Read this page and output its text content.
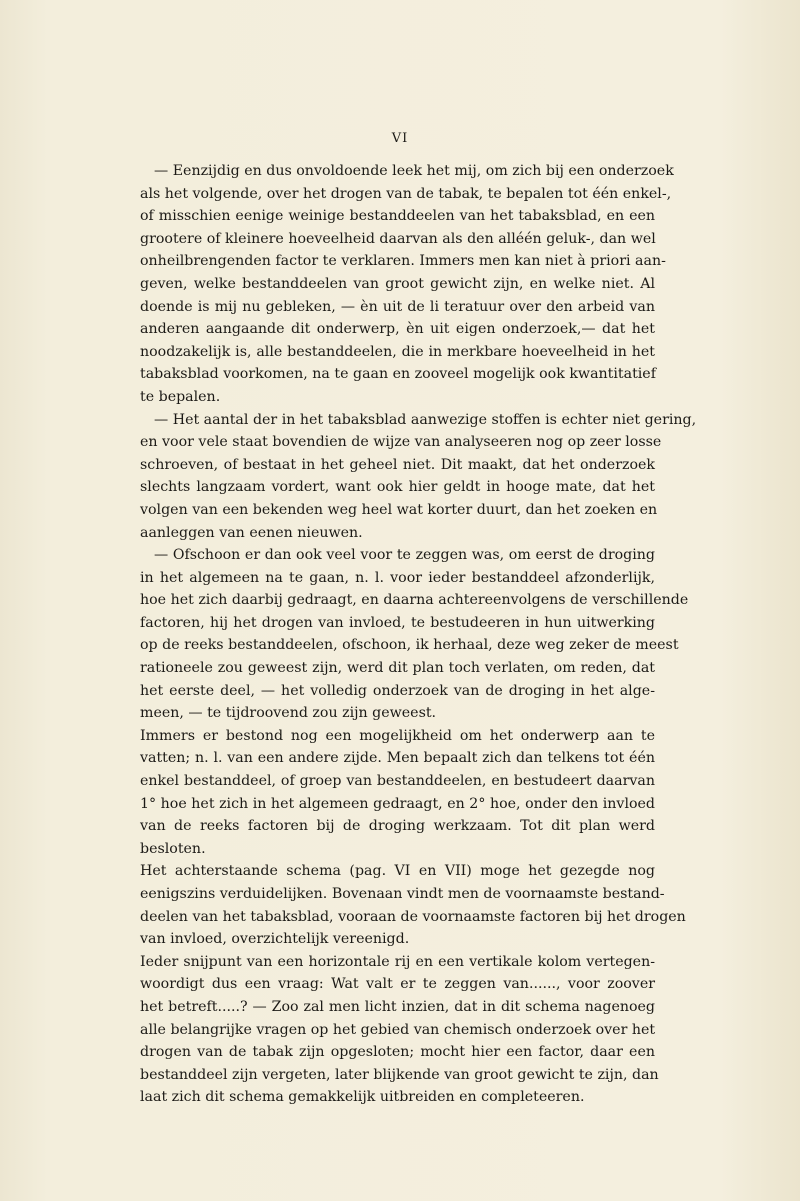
VI
— Eenzijdig en dus onvoldoende leek het mij, om zich bij een onderzoek
als het volgende, over het drogen van de tabak, te bepalen tot één enkel-,
of misschien eenige weinige bestanddeelen van het tabaksblad, en een
grootere of kleinere hoeveelheid daarvan als den alléén geluk-, dan wel
onheilbrengenden factor te verklaren. Immers men kan niet à priori aan-
geven, welke bestanddeelen van groot gewicht zijn, en welke niet. Al
doende is mij nu gebleken, — èn uit de li teratuur over den arbeid van
anderen aangaande dit onderwerp, èn uit eigen onderzoek,— dat het
noodzakelijk is, alle bestanddeelen, die in merkbare hoeveelheid in het
tabaksblad voorkomen, na te gaan en zooveel mogelijk ook kwantitatief
te bepalen.
— Het aantal der in het tabaksblad aanwezige stoffen is echter niet gering,
en voor vele staat bovendien de wijze van analyseeren nog op zeer losse
schroeven, of bestaat in het geheel niet. Dit maakt, dat het onderzoek
slechts langzaam vordert, want ook hier geldt in hooge mate, dat het
volgen van een bekenden weg heel wat korter duurt, dan het zoeken en
aanleggen van eenen nieuwen.
— Ofschoon er dan ook veel voor te zeggen was, om eerst de droging
in het algemeen na te gaan, n. l. voor ieder bestanddeel afzonderlijk,
hoe het zich daarbij gedraagt, en daarna achtereenvolgens de verschillende
factoren, hij het drogen van invloed, te bestudeeren in hun uitwerking
op de reeks bestanddeelen, ofschoon, ik herhaal, deze weg zeker de meest
rationeele zou geweest zijn, werd dit plan toch verlaten, om reden, dat
het eerste deel, — het volledig onderzoek van de droging in het alge-
meen, — te tijdroovend zou zijn geweest.
Immers er bestond nog een mogelijkheid om het onderwerp aan te
vatten; n. l. van een andere zijde. Men bepaalt zich dan telkens tot één
enkel bestanddeel, of groep van bestanddeelen, en bestudeert daarvan
1° hoe het zich in het algemeen gedraagt, en 2° hoe, onder den invloed
van de reeks factoren bij de droging werkzaam. Tot dit plan werd
besloten.
Het achterstaande schema (pag. VI en VII) moge het gezegde nog
eenigszins verduidelijken. Bovenaan vindt men de voornaamste bestand-
deelen van het tabaksblad, vooraan de voornaamste factoren bij het drogen
van invloed, overzichtelijk vereenigd.
Ieder snijpunt van een horizontale rij en een vertikale kolom vertegen-
woordigt dus een vraag: Wat valt er te zeggen van......, voor zoover
het betreft.....? — Zoo zal men licht inzien, dat in dit schema nagenoeg
alle belangrijke vragen op het gebied van chemisch onderzoek over het
drogen van de tabak zijn opgesloten; mocht hier een factor, daar een
bestanddeel zijn vergeten, later blijkende van groot gewicht te zijn, dan
laat zich dit schema gemakkelijk uitbreiden en completeeren.
